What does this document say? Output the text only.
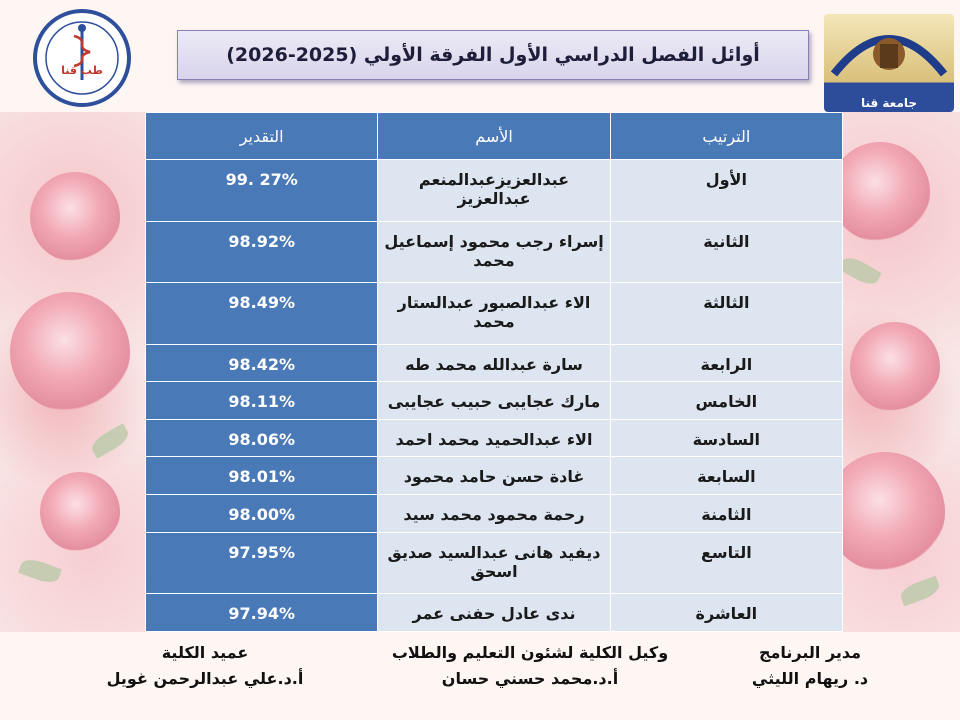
طب قنا
جامعة قنا
أوائل الفصل الدراسي الأول الفرقة الأولي (2025-2026)
الترتيب	الأسم	التقدير
الأول	عبدالعزيزعبدالمنعم عبدالعزيز	99. 27%
الثانية	إسراء رجب محمود إسماعيل محمد	98.92%
الثالثة	الاء عبدالصبور عبدالستار محمد	98.49%
الرابعة	سارة عبدالله محمد طه	98.42%
الخامس	مارك عجايبى حبيب عجايبى	98.11%
السادسة	الاء عبدالحميد محمد احمد	98.06%
السابعة	غادة حسن حامد محمود	98.01%
الثامنة	رحمة محمود محمد سيد	98.00%
التاسع	ديفيد هانى عبدالسيد صديق اسحق	97.95%
العاشرة	ندى عادل حفنى عمر	97.94%
مدير البرنامج
د. ريهام الليثي
وكيل الكلية لشئون التعليم والطلاب
أ.د.محمد حسني حسان
عميد الكلية
أ.د.علي عبدالرحمن غويل
